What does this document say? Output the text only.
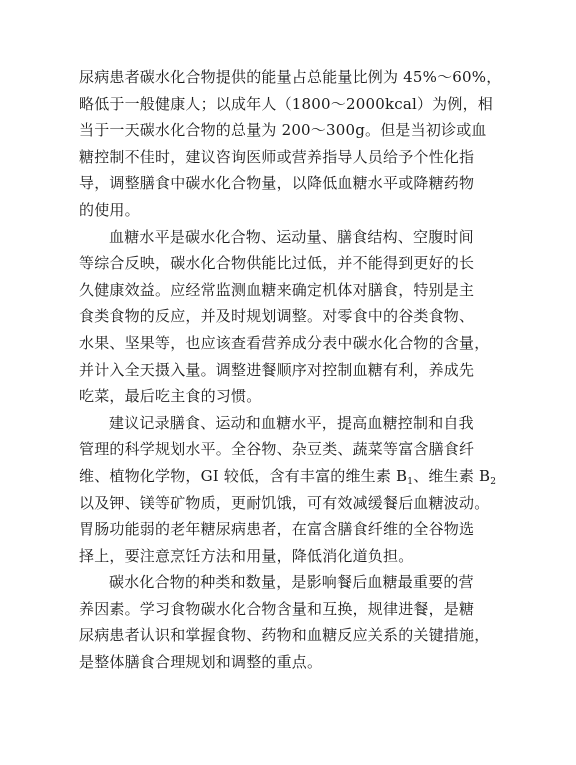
尿病患者碳水化合物提供的能量占总能量比例为 45%～60%，
略低于一般健康人；以成年人（1800～2000kcal）为例，相
当于一天碳水化合物的总量为 200～300g。但是当初诊或血
糖控制不佳时，建议咨询医师或营养指导人员给予个性化指
导，调整膳食中碳水化合物量，以降低血糖水平或降糖药物
的使用。

血糖水平是碳水化合物、运动量、膳食结构、空腹时间
等综合反映，碳水化合物供能比过低，并不能得到更好的长
久健康效益。应经常监测血糖来确定机体对膳食，特别是主
食类食物的反应，并及时规划调整。对零食中的谷类食物、
水果、坚果等，也应该查看营养成分表中碳水化合物的含量，
并计入全天摄入量。调整进餐顺序对控制血糖有利，养成先
吃菜，最后吃主食的习惯。

建议记录膳食、运动和血糖水平，提高血糖控制和自我
管理的科学规划水平。全谷物、杂豆类、蔬菜等富含膳食纤
维、植物化学物，GI 较低，含有丰富的维生素 $B_1$、维生素 $B_2$
以及钾、镁等矿物质，更耐饥饿，可有效减缓餐后血糖波动。
胃肠功能弱的老年糖尿病患者，在富含膳食纤维的全谷物选
择上，要注意烹饪方法和用量，降低消化道负担。

碳水化合物的种类和数量，是影响餐后血糖最重要的营
养因素。学习食物碳水化合物含量和互换，规律进餐，是糖
尿病患者认识和掌握食物、药物和血糖反应关系的关键措施，
是整体膳食合理规划和调整的重点。
